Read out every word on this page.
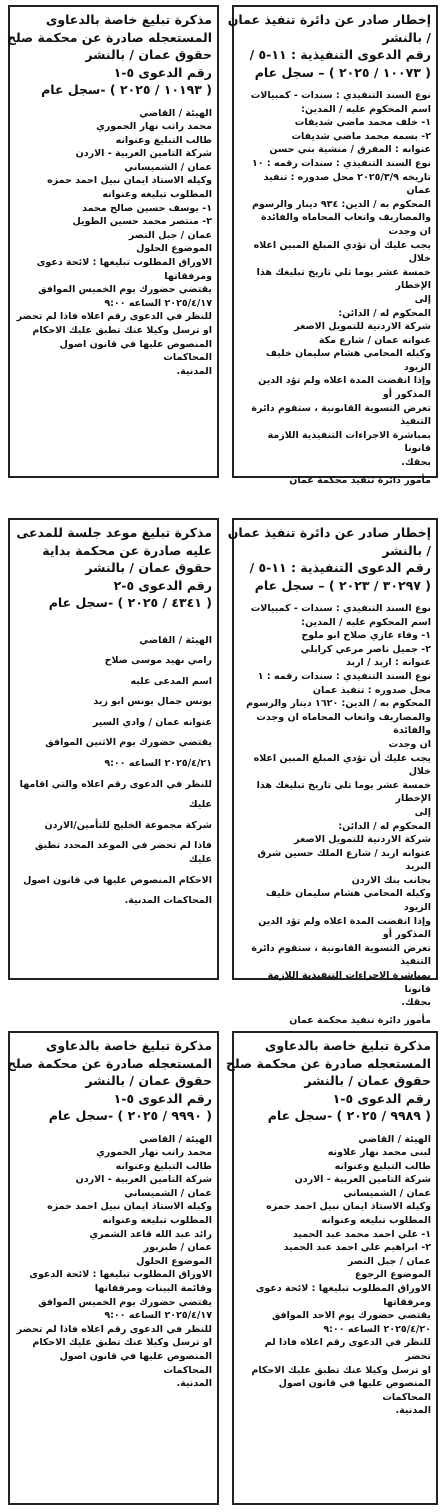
إخطار صادر عن دائرة تنفيذ عمان
/ بالنشر
رقم الدعوى التنفيذية : ١١-٥ /
( ١٠٠٧٣ / ٢٠٢٥ ) – سجل عام
نوع السند التنفيذي : سندات - كمبيالات
اسم المحكوم عليه / المدين:
١- خلف محمد ماضي شديفات
٢- بسمه محمد ماضي شديفات
عنوانه : المفرق / منشية بني حسن
نوع السند التنفيذي : سندات رقمه : ١٠
تاريخه ٢٠٢٥/٣/٩ محل صدوره : تنفيذ عمان
المحكوم به / الدين: ٩٣٤ دينار والرسوم
والمصاريف واتعاب المحاماه والفائدة
ان وجدت
يجب عليك أن تؤدي المبلغ المبين اعلاه خلال
خمسة عشر يوما تلي تاريخ تبليغك هذا الإخطار
إلى
المحكوم له / الدائن:
شركة الاردنية للتمويل الاصغر
عنوانه عمان / شارع مكة
وكيله المحامي هشام سليمان خليف الزيود
وإذا انقضت المدة اعلاه ولم تؤد الدين المذكور أو
تعرض التسوية القانونية ، ستقوم دائرة التنفيذ
بمباشرة الاجراءات التنفيذية اللازمة قانونا
بحقك.
مأمور دائرة تنفيذ محكمة عمان
مذكرة تبليغ خاصة بالدعاوى
المستعجله صادرة عن محكمة صلح
حقوق عمان / بالنشر
رقم الدعوى ٥-١
( ١٠١٩٣ / ٢٠٢٥ ) -سجل عام
الهيئة / القاضي
محمد راتب نهار الحموري
طالب التبليغ وعنوانه
شركة التامين العربية - الاردن
عمان / الشميساني
وكيله الاستاذ ايمان نبيل احمد حمزه
المطلوب تبليغه وعنوانه
١- يوسف حسين صالح محمد
٢- منتصر محمد حسين الطويل
عمان / جبل النصر
الموضوع الحلول
الاوراق المطلوب تبليغها : لائحة دعوى
ومرفقاتها
يقتضي حضورك يوم الخميس الموافق
٢٠٢٥/٤/١٧ الساعه ٩:٠٠
للنظر في الدعوى رقم اعلاه فاذا لم تحضر
او ترسل وكيلا عنك تطبق عليك الاحكام
المنصوص عليها في قانون اصول المحاكمات
المدنية.
إخطار صادر عن دائرة تنفيذ عمان
/ بالنشر
رقم الدعوى التنفيذية : ١١-٥ /
( ٣٠٢٩٧ / ٢٠٢٣ ) – سجل عام
نوع السند التنفيذي : سندات - كمبيالات
اسم المحكوم عليه / المدين:
١- وفاء غازي صلاح ابو ملوح
٢- جميل ناصر مرعي كرابلي
عنوانه : اربد / اربد
نوع السند التنفيذي : سندات رقمه : ١
محل صدوره : تنفيذ عمان
المحكوم به / الدين: ١٦٢٠ دينار والرسوم
والمصاريف واتعاب المحاماه ان وجدت والفائدة
ان وجدت
يجب عليك أن تؤدي المبلغ المبين اعلاه خلال
خمسة عشر يوما تلي تاريخ تبليغك هذا الإخطار
إلى
المحكوم له / الدائن:
شركة الاردنية للتمويل الاصغر
عنوانه اربد / شارع الملك حسين شرق البريد
بجانب بنك الاردن
وكيله المحامي هشام سليمان خليف الزيود
وإذا انقضت المدة اعلاه ولم تؤد الدين المذكور أو
تعرض التسوية القانونية ، ستقوم دائرة التنفيذ
بمباشرة الاجراءات التنفيذية اللازمة قانونا
بحقك.
مأمور دائرة تنفيذ محكمة عمان
مذكرة تبليغ موعد جلسة للمدعى
عليه صادرة عن محكمة بداية
حقوق عمان / بالنشر
رقم الدعوى ٥-٢
( ٤٣٤١ / ٢٠٢٥ ) -سجل عام
الهيئة / القاضي
رامي نهيد موسى صلاح
اسم المدعى عليه
يونس جمال يونس ابو زيد
عنوانه عمان / وادي السير
يقتضي حضورك يوم الاثنين الموافق
٢٠٢٥/٤/٢١ الساعه ٩:٠٠
للنظر في الدعوى رقم اعلاه والتي اقامها
عليك
شركة مجموعة الخليج للتأمين/الاردن
فاذا لم تحضر في الموعد المحدد تطبق عليك
الاحكام المنصوص عليها في قانون اصول
المحاكمات المدنية.
مذكرة تبليغ خاصة بالدعاوى
المستعجله صادرة عن محكمة صلح
حقوق عمان / بالنشر
رقم الدعوى ٥-١
( ٩٩٨٩ / ٢٠٢٥ ) -سجل عام
الهيئة / القاضي
لبنى محمد نهار علاونه
طالب التبليغ وعنوانه
شركة التامين العربية - الاردن
عمان / الشميساني
وكيله الاستاذ ايمان نبيل احمد حمزه
المطلوب تبليغه وعنوانه
١- علي احمد محمد عبد الحميد
٢- ابراهيم علي احمد عبد الحميد
عمان / جبل النصر
الموضوع الرجوع
الاوراق المطلوب تبليغها : لائحة دعوى
ومرفقاتها
يقتضي حضورك يوم الاحد الموافق
٢٠٢٥/٤/٢٠ الساعه ٩:٠٠
للنظر في الدعوى رقم اعلاه فاذا لم تحضر
او ترسل وكيلا عنك تطبق عليك الاحكام
المنصوص عليها في قانون اصول المحاكمات
المدنية.
مذكرة تبليغ خاصة بالدعاوى
المستعجله صادرة عن محكمة صلح
حقوق عمان / بالنشر
رقم الدعوى ٥-١
( ٩٩٩٠ / ٢٠٢٥ ) -سجل عام
الهيئة / القاضي
محمد راتب نهار الحموري
طالب التبليغ وعنوانه
شركة التامين العربية - الاردن
عمان / الشميساني
وكيله الاستاذ ايمان نبيل احمد حمزه
المطلوب تبليغه وعنوانه
رائد عبد الله قاعد الشمري
عمان / طبربور
الموضوع الحلول
الاوراق المطلوب تبليغها : لائحة الدعوى
وقائمة البينات ومرفقاتها
يقتضي حضورك يوم الخميس الموافق
٢٠٢٥/٤/١٧ الساعه ٩:٠٠
للنظر في الدعوى رقم اعلاه فاذا لم تحضر
او ترسل وكيلا عنك تطبق عليك الاحكام
المنصوص عليها في قانون اصول المحاكمات
المدنية.
